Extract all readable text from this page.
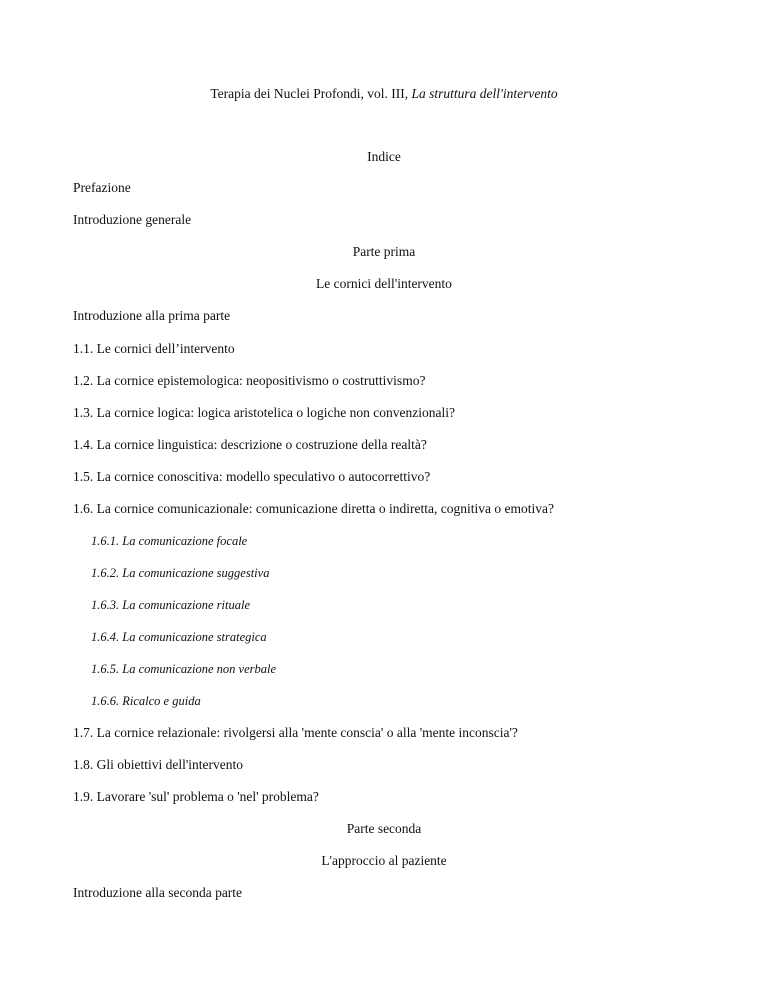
Terapia dei Nuclei Profondi, vol. III, La struttura dell'intervento
Indice
Prefazione
Introduzione generale
Parte prima
Le cornici dell'intervento
Introduzione alla prima parte
1.1. Le cornici dell’intervento
1.2. La cornice epistemologica: neopositivismo o costruttivismo?
1.3. La cornice logica: logica aristotelica o logiche non convenzionali?
1.4. La cornice linguistica: descrizione o costruzione della realtà?
1.5. La cornice conoscitiva: modello speculativo o autocorrettivo?
1.6. La cornice comunicazionale: comunicazione diretta o indiretta, cognitiva o emotiva?
1.6.1. La comunicazione focale
1.6.2. La comunicazione suggestiva
1.6.3. La comunicazione rituale
1.6.4. La comunicazione strategica
1.6.5. La comunicazione non verbale
1.6.6. Ricalco e guida
1.7. La cornice relazionale: rivolgersi alla 'mente conscia' o alla 'mente inconscia'?
1.8. Gli obiettivi dell'intervento
1.9. Lavorare 'sul' problema o 'nel' problema?
Parte seconda
L'approccio al paziente
Introduzione alla seconda parte
